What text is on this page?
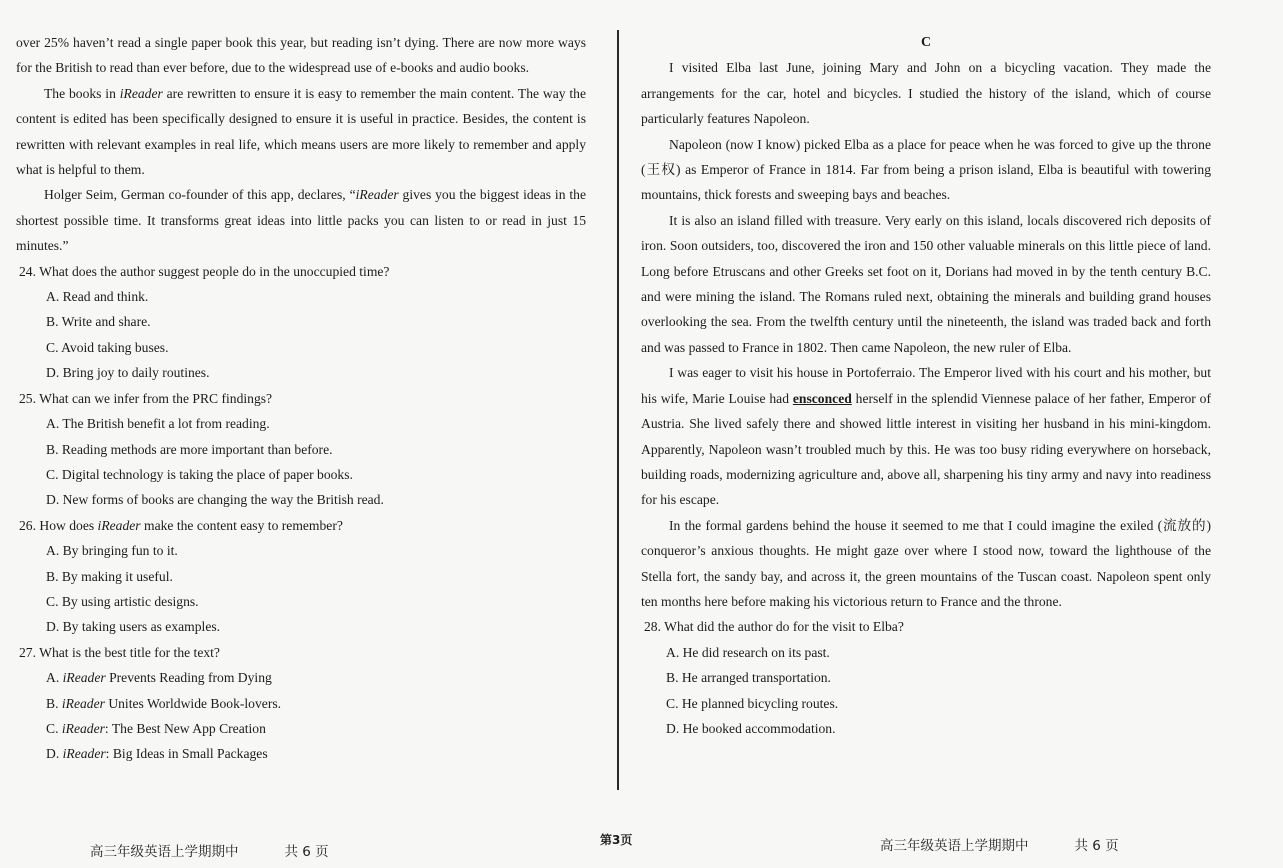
over 25% haven’t read a single paper book this year, but reading isn’t dying. There are now more ways for the British to read than ever before, due to the widespread use of e-books and audio books.

The books in iReader are rewritten to ensure it is easy to remember the main content. The way the content is edited has been specifically designed to ensure it is useful in practice. Besides, the content is rewritten with relevant examples in real life, which means users are more likely to remember and apply what is helpful to them.

Holger Seim, German co-founder of this app, declares, “iReader gives you the biggest ideas in the shortest possible time. It transforms great ideas into little packs you can listen to or read in just 15 minutes.”

24. What does the author suggest people do in the unoccupied time?

A. Read and think.

B. Write and share.

C. Avoid taking buses.

D. Bring joy to daily routines.

25. What can we infer from the PRC findings?

A. The British benefit a lot from reading.

B. Reading methods are more important than before.

C. Digital technology is taking the place of paper books.

D. New forms of books are changing the way the British read.

26. How does iReader make the content easy to remember?

A. By bringing fun to it.

B. By making it useful.

C. By using artistic designs.

D. By taking users as examples.

27. What is the best title for the text?

A. iReader Prevents Reading from Dying

B. iReader Unites Worldwide Book-lovers.

C. iReader: The Best New App Creation

D. iReader: Big Ideas in Small Packages

C

I visited Elba last June, joining Mary and John on a bicycling vacation. They made the arrangements for the car, hotel and bicycles. I studied the history of the island, which of course particularly features Napoleon.

Napoleon (now I know) picked Elba as a place for peace when he was forced to give up the throne (王权) as Emperor of France in 1814. Far from being a prison island, Elba is beautiful with towering mountains, thick forests and sweeping bays and beaches.

It is also an island filled with treasure. Very early on this island, locals discovered rich deposits of iron. Soon outsiders, too, discovered the iron and 150 other valuable minerals on this little piece of land. Long before Etruscans and other Greeks set foot on it, Dorians had moved in by the tenth century B.C. and were mining the island. The Romans ruled next, obtaining the minerals and building grand houses overlooking the sea. From the twelfth century until the nineteenth, the island was traded back and forth and was passed to France in 1802. Then came Napoleon, the new ruler of Elba.

I was eager to visit his house in Portoferraio. The Emperor lived with his court and his mother, but his wife, Marie Louise had ensconced herself in the splendid Viennese palace of her father, Emperor of Austria. She lived safely there and showed little interest in visiting her husband in his mini-kingdom. Apparently, Napoleon wasn’t troubled much by this. He was too busy riding everywhere on horseback, building roads, modernizing agriculture and, above all, sharpening his tiny army and navy into readiness for his escape.

In the formal gardens behind the house it seemed to me that I could imagine the exiled (流放的) conqueror’s anxious thoughts. He might gaze over where I stood now, toward the lighthouse of the Stella fort, the sandy bay, and across it, the green mountains of the Tuscan coast. Napoleon spent only ten months here before making his victorious return to France and the throne.

28. What did the author do for the visit to Elba?

A. He did research on its past.

B. He arranged transportation.

C. He planned bicycling routes.

D. He booked accommodation.

高三年级英语上学期期中	共 6 页
第3页	高三年级英语上学期期中	共 6 页
